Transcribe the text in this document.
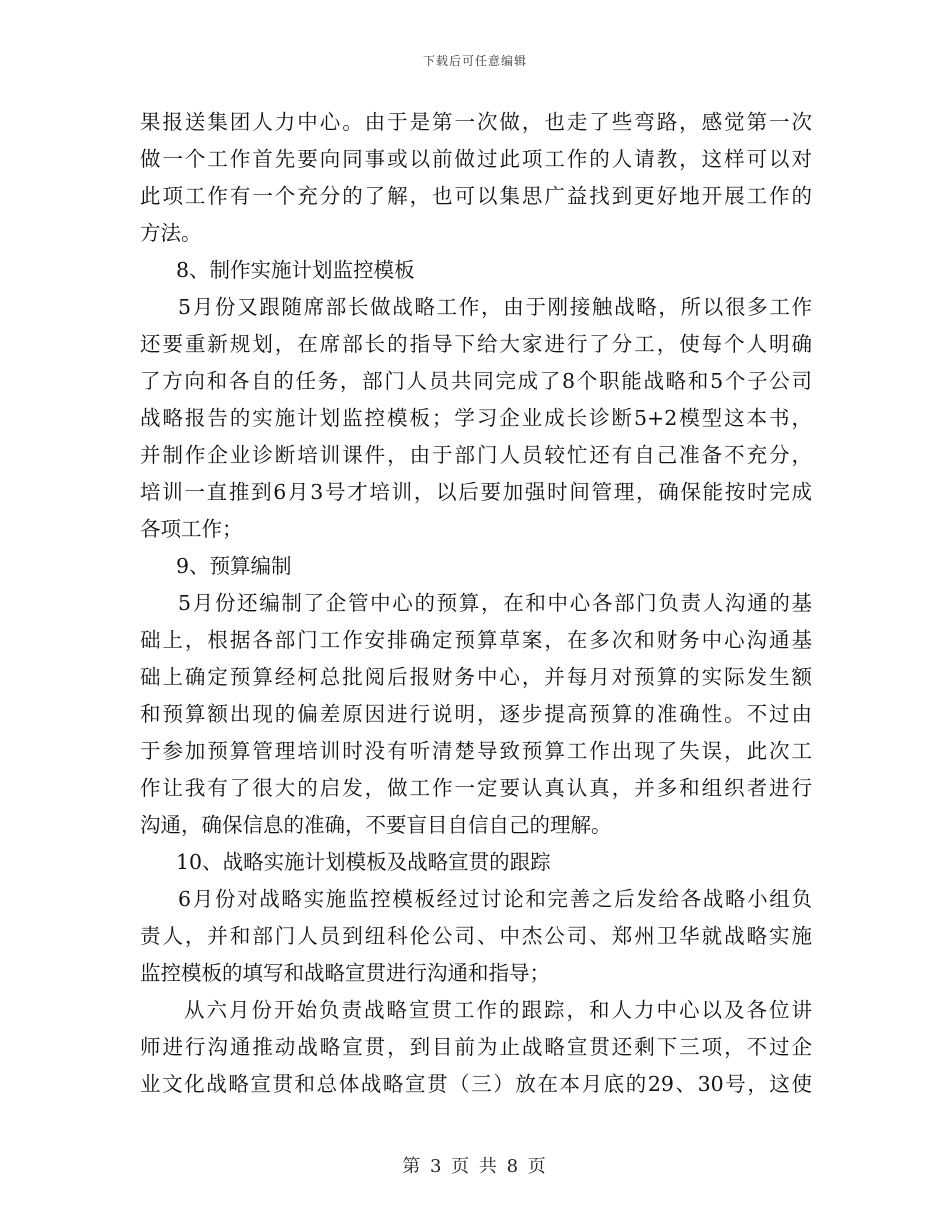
下载后可任意编辑
果报送集团人力中心。由于是第一次做，也走了些弯路，感觉第一次
做一个工作首先要向同事或以前做过此项工作的人请教，这样可以对
此项工作有一个充分的了解，也可以集思广益找到更好地开展工作的
方法。
8、制作实施计划监控模板
5月份又跟随席部长做战略工作，由于刚接触战略，所以很多工作
还要重新规划，在席部长的指导下给大家进行了分工，使每个人明确
了方向和各自的任务，部门人员共同完成了8个职能战略和5个子公司
战略报告的实施计划监控模板；学习企业成长诊断5+2模型这本书，
并制作企业诊断培训课件，由于部门人员较忙还有自己准备不充分，
培训一直推到6月3号才培训，以后要加强时间管理，确保能按时完成
各项工作；
9、预算编制
5月份还编制了企管中心的预算，在和中心各部门负责人沟通的基
础上，根据各部门工作安排确定预算草案，在多次和财务中心沟通基
础上确定预算经柯总批阅后报财务中心，并每月对预算的实际发生额
和预算额出现的偏差原因进行说明，逐步提高预算的准确性。不过由
于参加预算管理培训时没有听清楚导致预算工作出现了失误，此次工
作让我有了很大的启发，做工作一定要认真认真，并多和组织者进行
沟通，确保信息的准确，不要盲目自信自己的理解。
10、战略实施计划模板及战略宣贯的跟踪
6月份对战略实施监控模板经过讨论和完善之后发给各战略小组负
责人，并和部门人员到纽科伦公司、中杰公司、郑州卫华就战略实施
监控模板的填写和战略宣贯进行沟通和指导；
从六月份开始负责战略宣贯工作的跟踪，和人力中心以及各位讲
师进行沟通推动战略宣贯，到目前为止战略宣贯还剩下三项，不过企
业文化战略宣贯和总体战略宣贯（三）放在本月底的29、30号，这使
第 3 页 共 8 页
